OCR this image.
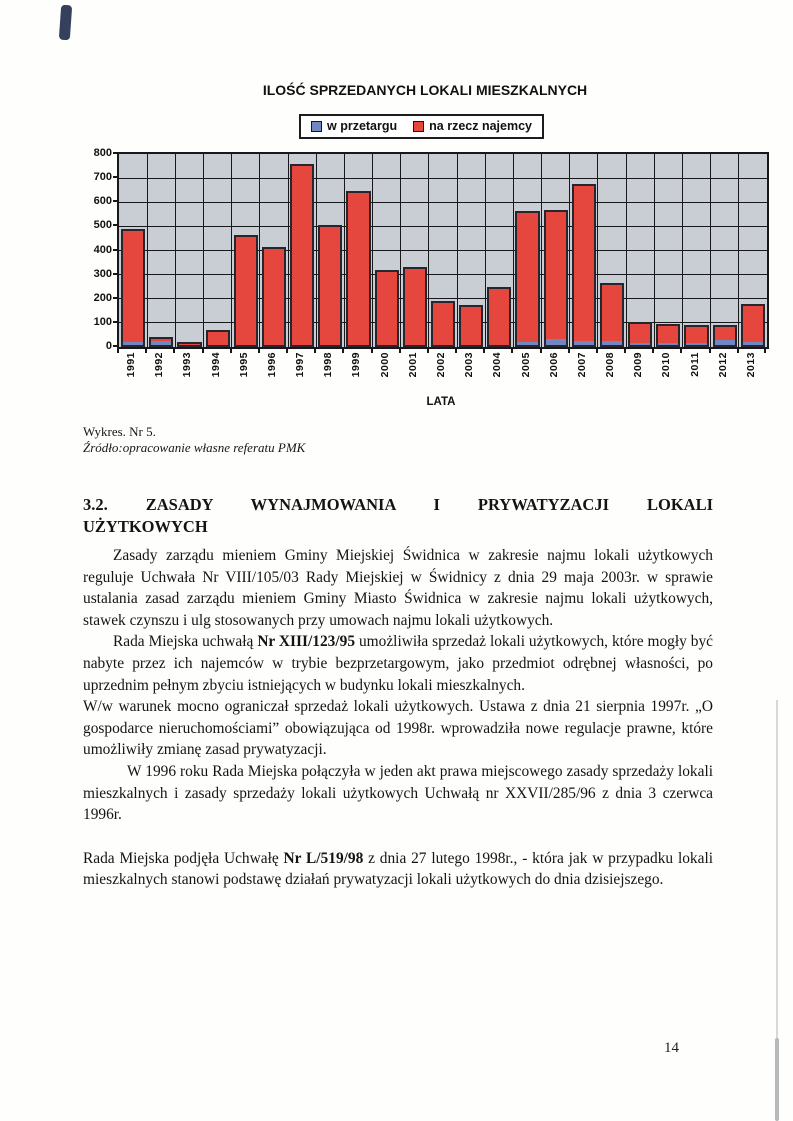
ILOŚĆ SPRZEDANYCH LOKALI MIESZKALNYCH
w przetargu	na rzecz najemcy
800
700
600
500
400
300
200
100
0
1991 1992 1993 1994 1995 1996 1997 1998 1999 2000 2001 2002 2003 2004 2005 2006 2007 2008 2009 2010 2011 2012 2013
LATA
Wykres. Nr 5.
Źródło:opracowanie własne referatu PMK
3.2. ZASADY WYNAJMOWANIA I PRYWATYZACJI LOKALI
UŻYTKOWYCH

Zasady zarządu mieniem Gminy Miejskiej Świdnica w zakresie najmu lokali użytkowych reguluje Uchwała Nr VIII/105/03 Rady Miejskiej w Świdnicy z dnia 29 maja 2003r. w sprawie ustalania zasad zarządu mieniem Gminy Miasto Świdnica w zakresie najmu lokali użytkowych, stawek czynszu i ulg stosowanych przy umowach najmu lokali użytkowych.

Rada Miejska uchwałą Nr XIII/123/95 umożliwiła sprzedaż lokali użytkowych, które mogły być nabyte przez ich najemców w trybie bezprzetargowym, jako przedmiot odrębnej własności, po uprzednim pełnym zbyciu istniejących w budynku lokali mieszkalnych.

W/w warunek mocno ograniczał sprzedaż lokali użytkowych. Ustawa z dnia 21 sierpnia 1997r. „O gospodarce nieruchomościami” obowiązująca od 1998r. wprowadziła nowe regulacje prawne, które umożliwiły zmianę zasad prywatyzacji.

W 1996 roku Rada Miejska połączyła w jeden akt prawa miejscowego zasady sprzedaży lokali mieszkalnych i zasady sprzedaży lokali użytkowych Uchwałą nr XXVII/285/96 z dnia 3 czerwca 1996r.

Rada Miejska podjęła Uchwałę Nr L/519/98 z dnia 27 lutego 1998r., - która jak w przypadku lokali mieszkalnych stanowi podstawę działań prywatyzacji lokali użytkowych do dnia dzisiejszego.

14
